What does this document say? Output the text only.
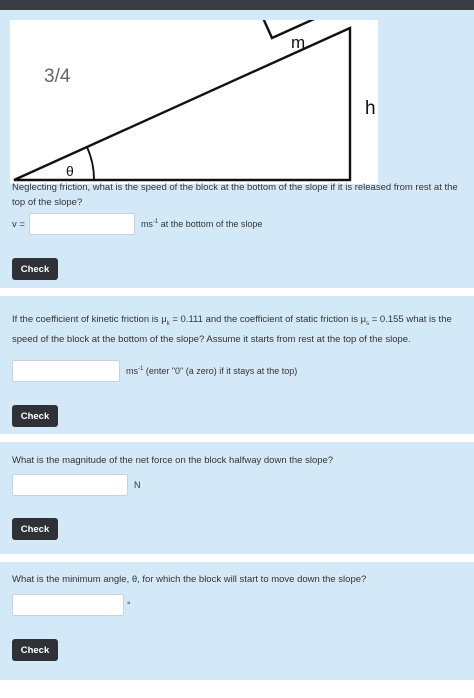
m
θ
h
3/4
Neglecting friction, what is the speed of the block at the bottom of the slope if it is released from rest at the top of the slope?
v =	$ms^{-1}$ at the bottom of the slope
Check
If the coefficient of kinetic friction is $\mu_k = 0.111$ and the coefficient of static friction is $\mu_s = 0.155$ what is the speed of the block at the bottom of the slope? Assume it starts from rest at the top of the slope.
$ms^{-1}$ (enter "0" (a zero) if it stays at the top)
Check
What is the magnitude of the net force on the block halfway down the slope?
N
Check
What is the minimum angle, θ, for which the block will start to move down the slope?
°
Check
